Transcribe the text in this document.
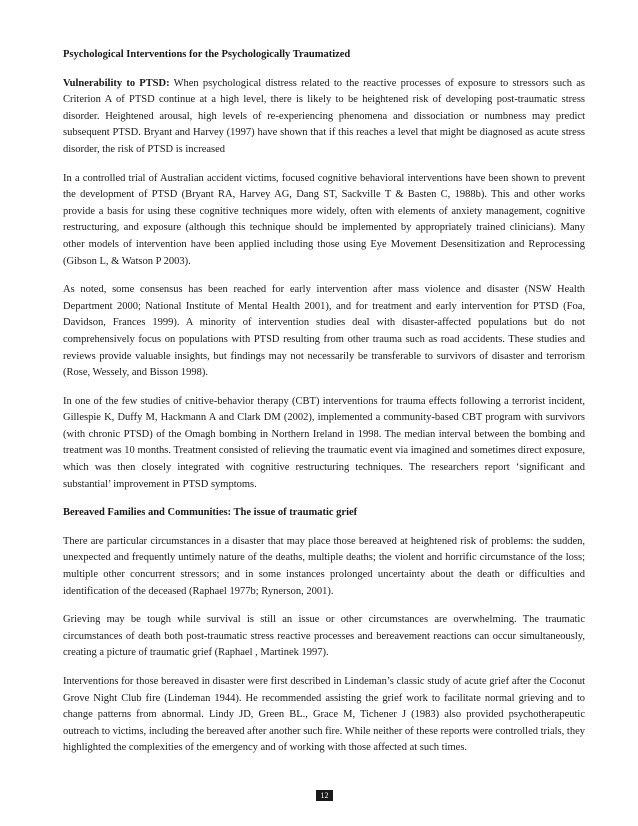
Psychological Interventions for the Psychologically Traumatized

Vulnerability to PTSD: When psychological distress related to the reactive processes of exposure to stressors such as Criterion A of PTSD continue at a high level, there is likely to be heightened risk of developing post-traumatic stress disorder. Heightened arousal, high levels of re-experiencing phenomena and dissociation or numbness may predict subsequent PTSD. Bryant and Harvey (1997) have shown that if this reaches a level that might be diagnosed as acute stress disorder, the risk of PTSD is increased

In a controlled trial of Australian accident victims, focused cognitive behavioral interventions have been shown to prevent the development of PTSD (Bryant RA, Harvey AG, Dang ST, Sackville T & Basten C, 1988b). This and other works provide a basis for using these cognitive techniques more widely, often with elements of anxiety management, cognitive restructuring, and exposure (although this technique should be implemented by appropriately trained clinicians). Many other models of intervention have been applied including those using Eye Movement Desensitization and Reprocessing (Gibson L, & Watson P 2003).

As noted, some consensus has been reached for early intervention after mass violence and disaster (NSW Health Department 2000; National Institute of Mental Health 2001), and for treatment and early intervention for PTSD (Foa, Davidson, Frances 1999). A minority of intervention studies deal with disaster-affected populations but do not comprehensively focus on populations with PTSD resulting from other trauma such as road accidents. These studies and reviews provide valuable insights, but findings may not necessarily be transferable to survivors of disaster and terrorism (Rose, Wessely, and Bisson 1998).

In one of the few studies of cnitive-behavior therapy (CBT) interventions for trauma effects following a terrorist incident, Gillespie K, Duffy M, Hackmann A and Clark DM (2002), implemented a community-based CBT program with survivors (with chronic PTSD) of the Omagh bombing in Northern Ireland in 1998. The median interval between the bombing and treatment was 10 months. Treatment consisted of relieving the traumatic event via imagined and sometimes direct exposure, which was then closely integrated with cognitive restructuring techniques. The researchers report ‘significant and substantial’ improvement in PTSD symptoms.

Bereaved Families and Communities: The issue of traumatic grief

There are particular circumstances in a disaster that may place those bereaved at heightened risk of problems: the sudden, unexpected and frequently untimely nature of the deaths, multiple deaths; the violent and horrific circumstance of the loss; multiple other concurrent stressors; and in some instances prolonged uncertainty about the death or difficulties and identification of the deceased (Raphael 1977b; Rynerson, 2001).

Grieving may be tough while survival is still an issue or other circumstances are overwhelming. The traumatic circumstances of death both post-traumatic stress reactive processes and bereavement reactions can occur simultaneously, creating a picture of traumatic grief (Raphael , Martinek 1997).

Interventions for those bereaved in disaster were first described in Lindeman’s classic study of acute grief after the Coconut Grove Night Club fire (Lindeman 1944). He recommended assisting the grief work to facilitate normal grieving and to change patterns from abnormal. Lindy JD, Green BL., Grace M, Tichener J (1983) also provided psychotherapeutic outreach to victims, including the bereaved after another such fire. While neither of these reports were controlled trials, they highlighted the complexities of the emergency and of working with those affected at such times.

12
